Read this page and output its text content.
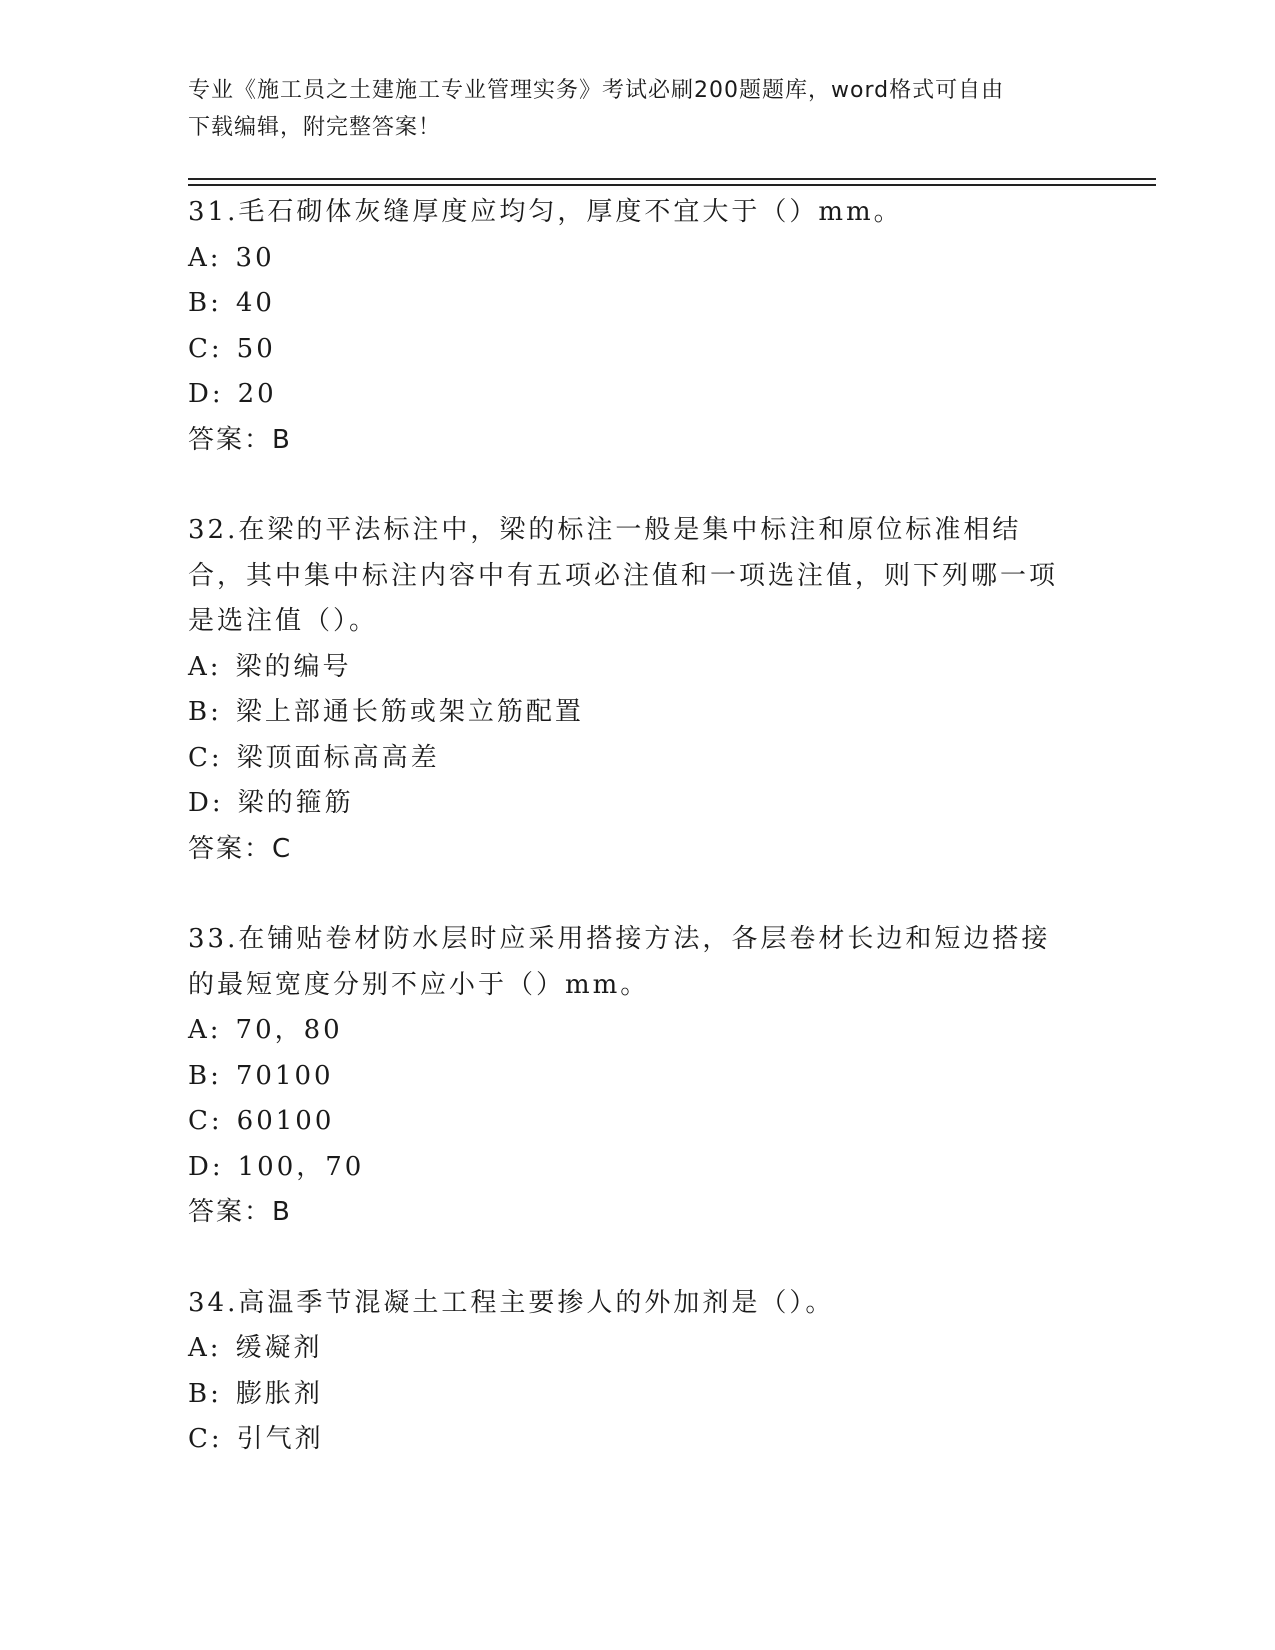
专业《施工员之土建施工专业管理实务》考试必刷200题题库，word格式可自由
下载编辑，附完整答案！
31.毛石砌体灰缝厚度应均匀，厚度不宜大于（）mm。
A: 30
B: 40
C: 50
D: 20
答案：B
32.在梁的平法标注中，梁的标注一般是集中标注和原位标准相结合，其中集中标注内容中有五项必注值和一项选注值，则下列哪一项是选注值（）。
A: 梁的编号
B: 梁上部通长筋或架立筋配置
C: 梁顶面标高高差
D: 梁的箍筋
答案：C
33.在铺贴卷材防水层时应采用搭接方法，各层卷材长边和短边搭接的最短宽度分别不应小于（）mm。
A: 70，80
B: 70100
C: 60100
D: 100，70
答案：B
34.高温季节混凝土工程主要掺人的外加剂是（）。
A: 缓凝剂
B: 膨胀剂
C: 引气剂
